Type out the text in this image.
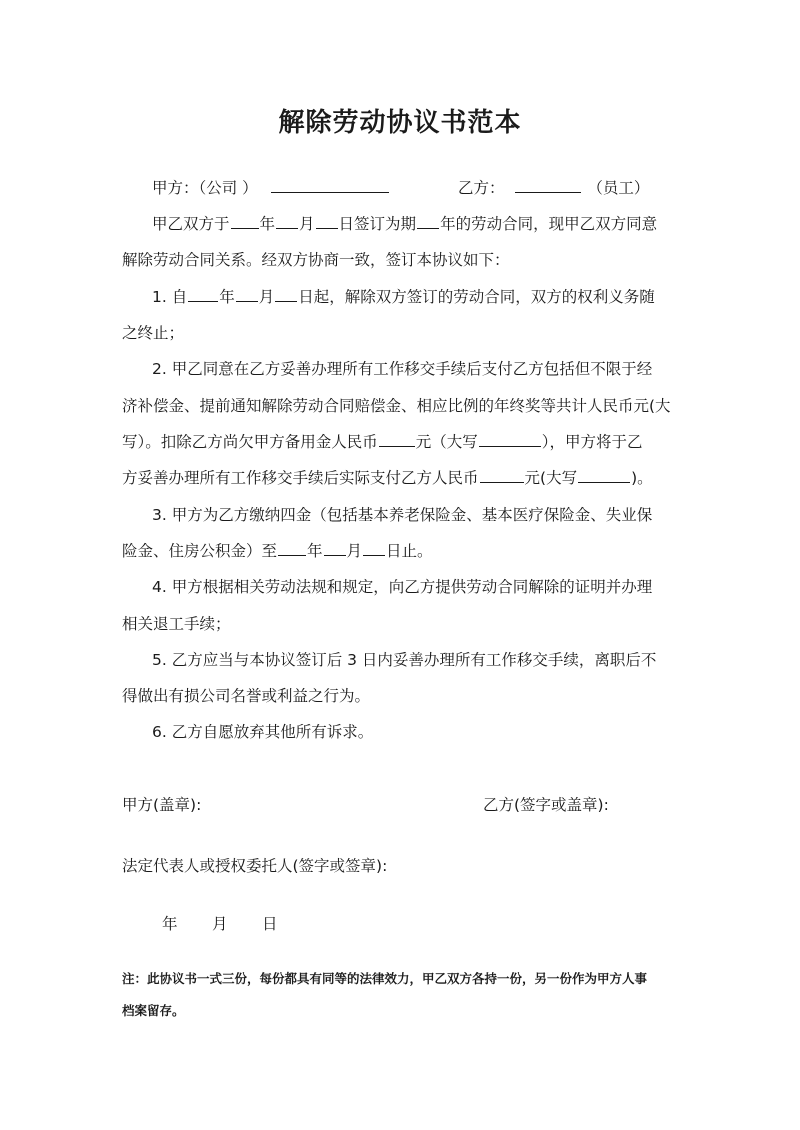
解除劳动协议书范本
甲方：（公司 ）	乙方：	（员工）
甲乙双方于 年 月 日签订为期 年的劳动合同，现甲乙双方同意
解除劳动合同关系。经双方协商一致，签订本协议如下：
1. 自 年 月 日起，解除双方签订的劳动合同，双方的权利义务随
之终止；
2. 甲乙同意在乙方妥善办理所有工作移交手续后支付乙方包括但不限于经
济补偿金、提前通知解除劳动合同赔偿金、相应比例的年终奖等共计人民币元(大
写）。扣除乙方尚欠甲方备用金人民币 元（大写	），甲方将于乙
方妥善办理所有工作移交手续后实际支付乙方人民币	元(大写	)。
3. 甲方为乙方缴纳四金（包括基本养老保险金、基本医疗保险金、失业保
险金、住房公积金）至 年 月 日止。
4. 甲方根据相关劳动法规和规定，向乙方提供劳动合同解除的证明并办理
相关退工手续；
5. 乙方应当与本协议签订后 3 日内妥善办理所有工作移交手续，离职后不
得做出有损公司名誉或利益之行为。
6. 乙方自愿放弃其他所有诉求。
甲方(盖章):	乙方(签字或盖章):
法定代表人或授权委托人(签字或签章):
年 月 日
注：此协议书一式三份，每份都具有同等的法律效力，甲乙双方各持一份，另一份作为甲方人事
档案留存。
